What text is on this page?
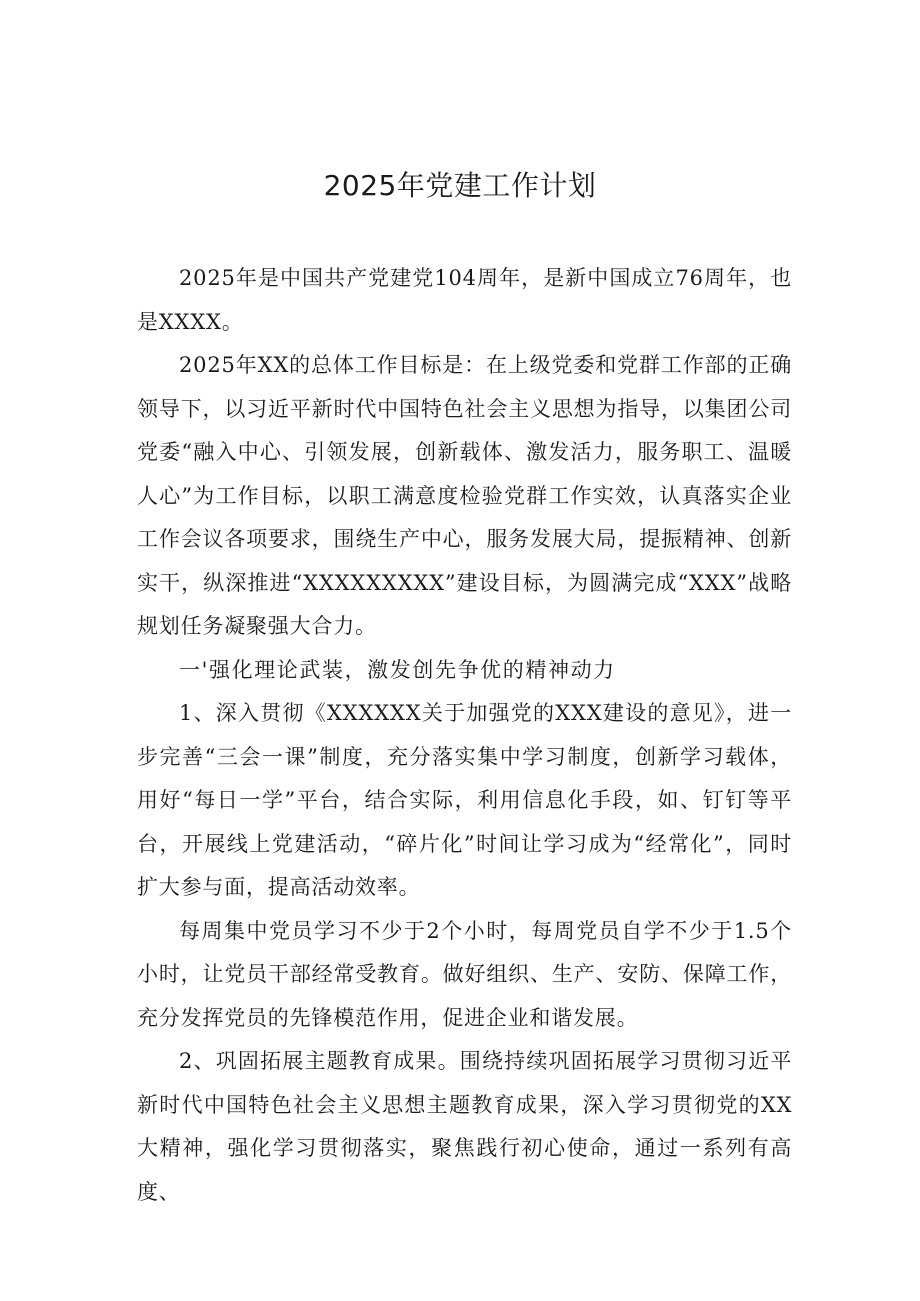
2025年党建工作计划

2025年是中国共产党建党104周年，是新中国成立76周年，也是XXXX。

2025年XX的总体工作目标是：在上级党委和党群工作部的正确领导下，以习近平新时代中国特色社会主义思想为指导，以集团公司党委“融入中心、引领发展，创新载体、激发活力，服务职工、温暖人心”为工作目标，以职工满意度检验党群工作实效，认真落实企业工作会议各项要求，围绕生产中心，服务发展大局，提振精神、创新实干，纵深推进“XXXXXXXXX”建设目标，为圆满完成“XXX”战略规划任务凝聚强大合力。

一'强化理论武装，激发创先争优的精神动力

1、深入贯彻《XXXXXX关于加强党的XXX建设的意见》，进一步完善“三会一课”制度，充分落实集中学习制度，创新学习载体，用好“每日一学”平台，结合实际，利用信息化手段，如、钉钉等平台，开展线上党建活动，“碎片化”时间让学习成为“经常化”，同时扩大参与面，提高活动效率。

每周集中党员学习不少于2个小时，每周党员自学不少于1.5个小时，让党员干部经常受教育。做好组织、生产、安防、保障工作，充分发挥党员的先锋模范作用，促进企业和谐发展。

2、巩固拓展主题教育成果。围绕持续巩固拓展学习贯彻习近平新时代中国特色社会主义思想主题教育成果，深入学习贯彻党的XX大精神，强化学习贯彻落实，聚焦践行初心使命，通过一系列有高度、
